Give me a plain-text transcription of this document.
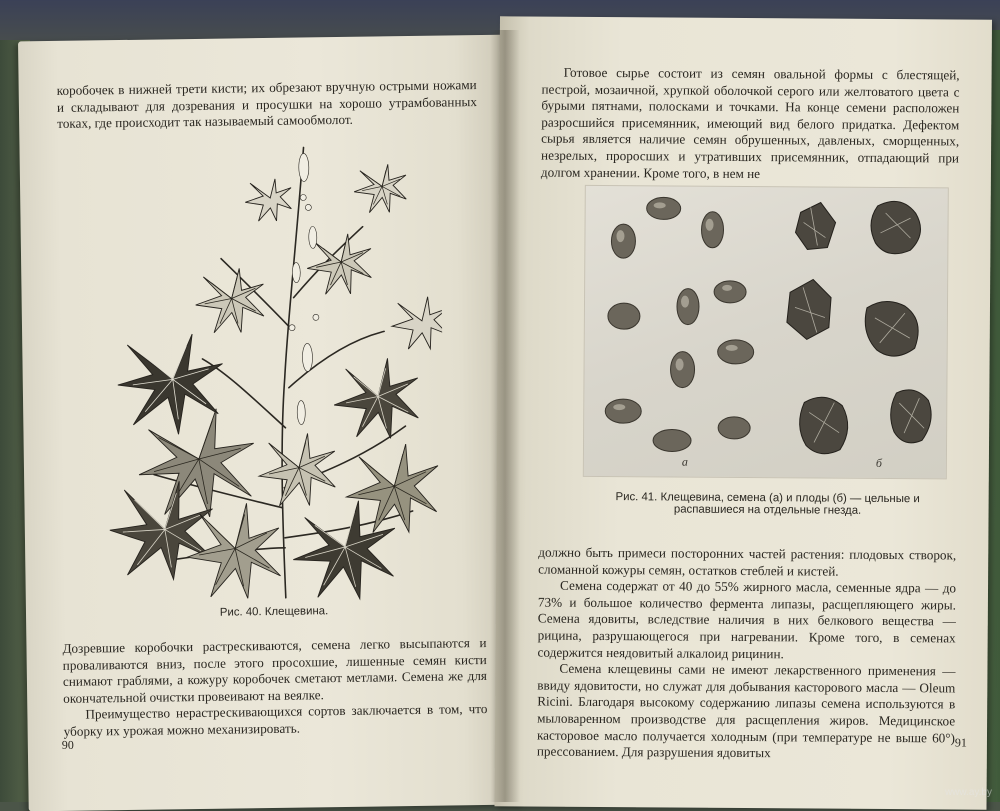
коробочек в нижней трети кисти; их обрезают вручную острыми ножами и складывают для дозревания и просушки на хорошо утрамбованных токах, где происходит так называемый самообмолот.

Рис. 40. Клещевина.

Дозревшие коробочки растрескиваются, семена легко высыпаются и проваливаются вниз, после этого просохшие, лишенные семян кисти снимают граблями, а кожуру коробочек сметают метлами. Семена же для окончательной очистки провеивают на веялке.

Преимущество нерастрескивающихся сортов заключается в том, что уборку их урожая можно механизировать.

90

Готовое сырье состоит из семян овальной формы с блестящей, пестрой, мозаичной, хрупкой оболочкой серого или желтоватого цвета с бурыми пятнами, полосками и точками. На конце семени расположен разросшийся присемянник, имеющий вид белого придатка. Дефектом сырья является наличие семян обрушенных, давленых, сморщенных, незрелых, проросших и утративших присемянник, отпадающий при долгом хранении. Кроме того, в нем не

а	б
Рис. 41. Клещевина, семена (а) и плоды (б) — цельные и распавшиеся на отдельные гнезда.

должно быть примеси посторонних частей растения: плодовых створок, сломанной кожуры семян, остатков стеблей и кистей.

Семена содержат от 40 до 55% жирного масла, семенные ядра — до 73% и большое количество фермента липазы, расщепляющего жиры. Семена ядовиты, вследствие наличия в них белкового вещества — рицина, разрушающегося при нагревании. Кроме того, в семенах содержится неядовитый алкалоид рицинин.

Семена клещевины сами не имеют лекарственного применения — ввиду ядовитости, но служат для добывания касторового масла — Oleum Ricini. Благодаря высокому содержанию липазы семена используются в мыловаренном производстве для расщепления жиров. Медицинское касторовое масло получается холодным (при температуре не выше 60°) прессованием. Для разрушения ядовитых

91
www.ay.by
